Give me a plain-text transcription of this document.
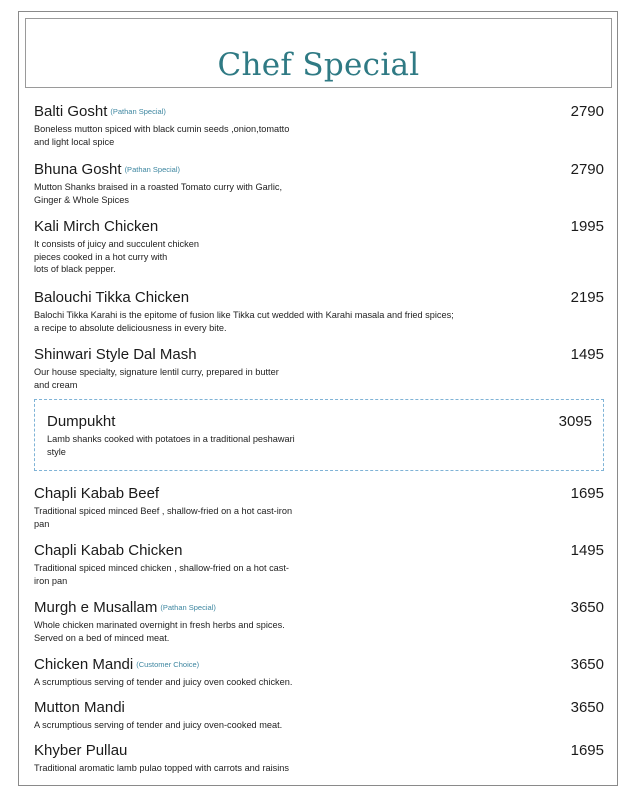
Chef Special
Balti Gosht (Pathan Special)	2790
Boneless mutton spiced with black cumin seeds ,onion,tomatto
and light local spice
Bhuna Gosht (Pathan Special)	2790
Mutton Shanks braised in a roasted Tomato curry with Garlic,
Ginger & Whole Spices
Kali Mirch Chicken	1995
It consists of juicy and succulent chicken
pieces cooked in a hot curry with
lots of black pepper.
Balouchi Tikka Chicken	2195
Balochi Tikka Karahi is the epitome of fusion like Tikka cut wedded with Karahi masala and fried spices;
a recipe to absolute deliciousness in every bite.
Shinwari Style Dal Mash	1495
Our house specialty, signature lentil curry, prepared in butter
and cream
Dumpukht	3095
Lamb shanks cooked with potatoes in a traditional peshawari
style
Chapli Kabab Beef	1695
Traditional spiced minced Beef , shallow-fried on a hot cast-iron
pan
Chapli Kabab Chicken	1495
Traditional spiced minced chicken , shallow-fried on a hot cast-
iron pan
Murgh e Musallam (Pathan Special)	3650
Whole chicken marinated overnight in fresh herbs and spices.
Served on a bed of minced meat.
Chicken Mandi (Customer Choice)	3650
A scrumptious serving of tender and juicy oven cooked chicken.
Mutton Mandi	3650
A scrumptious serving of tender and juicy oven-cooked meat.
Khyber Pullau	1695
Traditional aromatic lamb pulao topped with carrots and raisins
